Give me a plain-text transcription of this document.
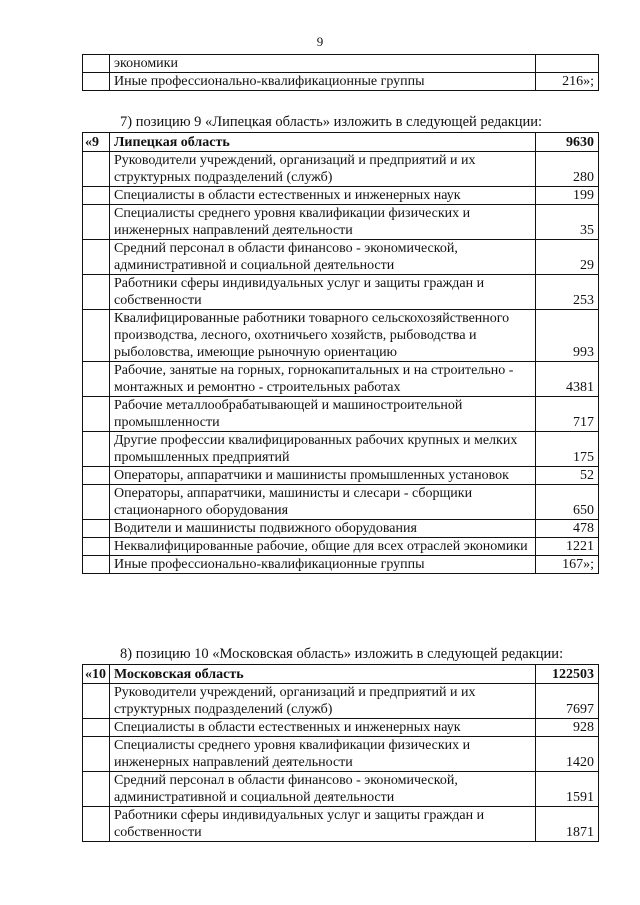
9
	экономики	
	Иные профессионально-квалификационные группы	216»;
7) позицию 9 «Липецкая область» изложить в следующей редакции:
«9	Липецкая область	9630
	Руководители учреждений, организаций и предприятий и их структурных подразделений (служб)	280
	Специалисты в области естественных и инженерных наук	199
	Специалисты среднего уровня квалификации физических и инженерных направлений деятельности	35
	Средний персонал в области финансово - экономической, административной и социальной деятельности	29
	Работники сферы индивидуальных услуг и защиты граждан и собственности	253
	Квалифицированные работники товарного сельскохозяйственного производства, лесного, охотничьего хозяйств, рыбоводства и рыболовства, имеющие рыночную ориентацию	993
	Рабочие, занятые на горных, горнокапитальных и на строительно - монтажных и ремонтно - строительных работах	4381
	Рабочие металлообрабатывающей и машиностроительной промышленности	717
	Другие профессии квалифицированных рабочих крупных и мелких промышленных предприятий	175
	Операторы, аппаратчики и машинисты промышленных установок	52
	Операторы, аппаратчики, машинисты и слесари - сборщики стационарного оборудования	650
	Водители и машинисты подвижного оборудования	478
	Неквалифицированные рабочие, общие для всех отраслей экономики	1221
	Иные профессионально-квалификационные группы	167»;
8) позицию 10 «Московская область» изложить в следующей редакции:
«10	Московская область	122503
	Руководители учреждений, организаций и предприятий и их структурных подразделений (служб)	7697
	Специалисты в области естественных и инженерных наук	928
	Специалисты среднего уровня квалификации физических и инженерных направлений деятельности	1420
	Средний персонал в области финансово - экономической, административной и социальной деятельности	1591
	Работники сферы индивидуальных услуг и защиты граждан и собственности	1871
